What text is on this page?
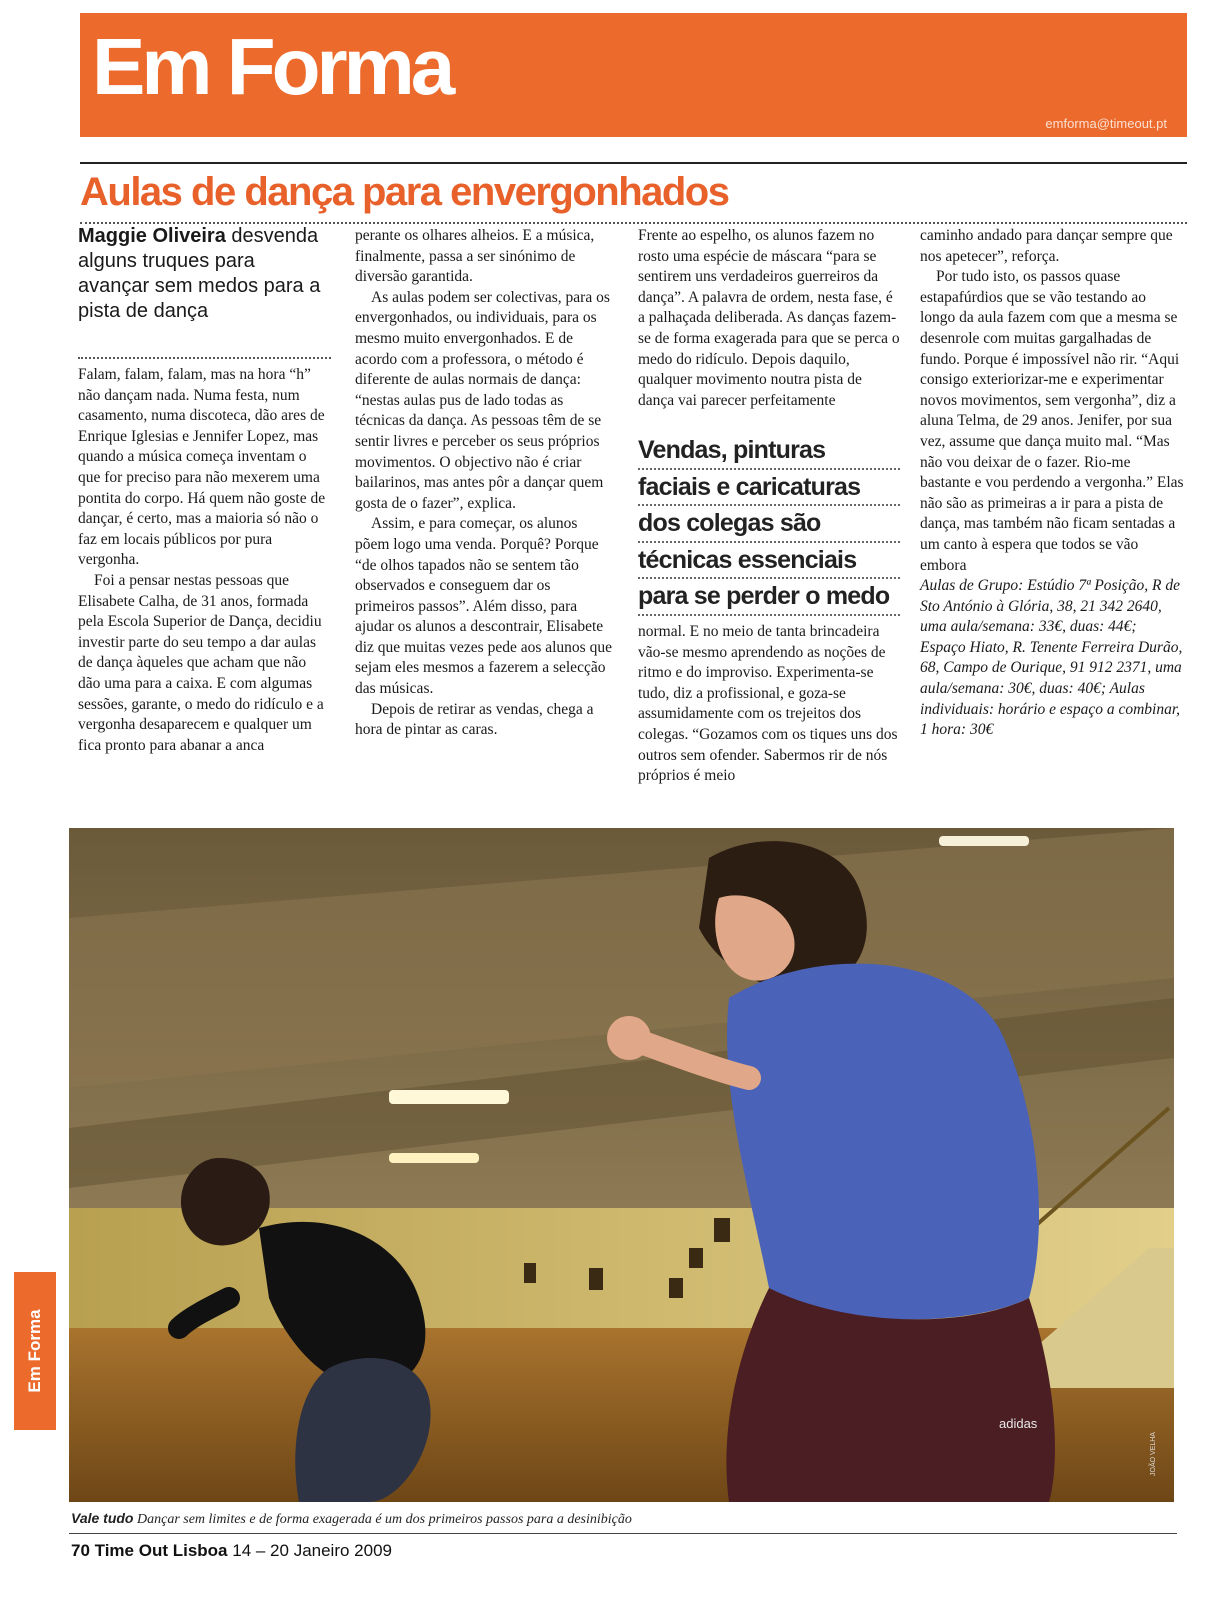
Em Forma
emforma@timeout.pt
Aulas de dança para envergonhados
Maggie Oliveira desvenda alguns truques para avançar sem medos para a pista de dança

Falam, falam, falam, mas na hora “h” não dançam nada. Numa festa, num casamento, numa discoteca, dão ares de Enrique Iglesias e Jennifer Lopez, mas quando a música começa inventam o que for preciso para não mexerem uma pontita do corpo. Há quem não goste de dançar, é certo, mas a maioria só não o faz em locais públicos por pura vergonha.

Foi a pensar nestas pessoas que Elisabete Calha, de 31 anos, formada pela Escola Superior de Dança, decidiu investir parte do seu tempo a dar aulas de dança àqueles que acham que não dão uma para a caixa. E com algumas sessões, garante, o medo do ridículo e a vergonha desaparecem e qualquer um fica pronto para abanar a anca

perante os olhares alheios. E a música, finalmente, passa a ser sinónimo de diversão garantida.

As aulas podem ser colectivas, para os envergonhados, ou individuais, para os mesmo muito envergonhados. E de acordo com a professora, o método é diferente de aulas normais de dança: “nestas aulas pus de lado todas as técnicas da dança. As pessoas têm de se sentir livres e perceber os seus próprios movimentos. O objectivo não é criar bailarinos, mas antes pôr a dançar quem gosta de o fazer”, explica.

Assim, e para começar, os alunos põem logo uma venda. Porquê? Porque “de olhos tapados não se sentem tão observados e conseguem dar os primeiros passos”. Além disso, para ajudar os alunos a descontrair, Elisabete diz que muitas vezes pede aos alunos que sejam eles mesmos a fazerem a selecção das músicas.

Depois de retirar as vendas, chega a hora de pintar as caras.

Frente ao espelho, os alunos fazem no rosto uma espécie de máscara “para se sentirem uns verdadeiros guerreiros da dança”. A palavra de ordem, nesta fase, é a palhaçada deliberada. As danças fazem-se de forma exagerada para que se perca o medo do ridículo. Depois daquilo, qualquer movimento noutra pista de dança vai parecer perfeitamente

Vendas, pinturas
faciais e caricaturas
dos colegas são
técnicas essenciais
para se perder o medo

normal. E no meio de tanta brincadeira vão-se mesmo aprendendo as noções de ritmo e do improviso. Experimenta-se tudo, diz a profissional, e goza-se assumidamente com os trejeitos dos colegas. “Gozamos com os tiques uns dos outros sem ofender. Sabermos rir de nós próprios é meio

caminho andado para dançar sempre que nos apetecer”, reforça.

Por tudo isto, os passos quase estapafúrdios que se vão testando ao longo da aula fazem com que a mesma se desenrole com muitas gargalhadas de fundo. Porque é impossível não rir. “Aqui consigo exteriorizar-me e experimentar novos movimentos, sem vergonha”, diz a aluna Telma, de 29 anos. Jenifer, por sua vez, assume que dança muito mal. “Mas não vou deixar de o fazer. Rio-me bastante e vou perdendo a vergonha.” Elas não são as primeiras a ir para a pista de dança, mas também não ficam sentadas a um canto à espera que todos se vão embora

Aulas de Grupo: Estúdio 7ª Posição, R de Sto António à Glória, 38, 21 342 2640, uma aula/semana: 33€, duas: 44€; Espaço Hiato, R. Tenente Ferreira Durão, 68, Campo de Ourique, 91 912 2371, uma aula/semana: 30€, duas: 40€; Aulas individuais: horário e espaço a combinar, 1 hora: 30€

adidas
JOÃO VELHA
Vale tudo Dançar sem limites e de forma exagerada é um dos primeiros passos para a desinibição
70 Time Out Lisboa 14 – 20 Janeiro 2009
Em Forma
